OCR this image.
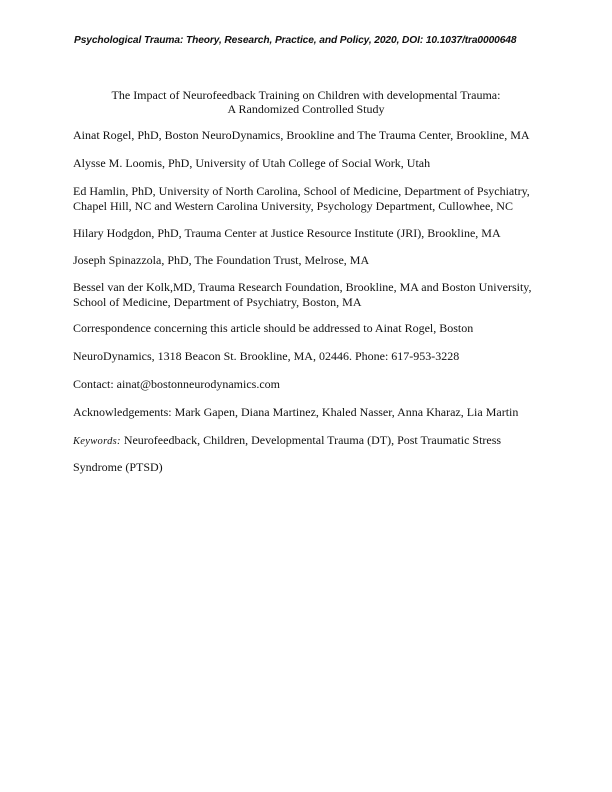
Psychological Trauma: Theory, Research, Practice, and Policy, 2020, DOI: 10.1037/tra0000648
The Impact of Neurofeedback Training on Children with developmental Trauma:
A Randomized Controlled Study
Ainat Rogel, PhD, Boston NeuroDynamics, Brookline and The Trauma Center, Brookline, MA
Alysse M. Loomis, PhD, University of Utah College of Social Work, Utah
Ed Hamlin, PhD, University of North Carolina, School of Medicine, Department of Psychiatry,
Chapel Hill, NC and Western Carolina University, Psychology Department, Cullowhee, NC
Hilary Hodgdon, PhD, Trauma Center at Justice Resource Institute (JRI), Brookline, MA
Joseph Spinazzola, PhD, The Foundation Trust, Melrose, MA
Bessel van der Kolk,MD, Trauma Research Foundation, Brookline, MA and Boston University,
School of Medicine, Department of Psychiatry, Boston, MA
Correspondence concerning this article should be addressed to Ainat Rogel, Boston
NeuroDynamics, 1318 Beacon St. Brookline, MA, 02446. Phone: 617-953-3228
Contact: ainat@bostonneurodynamics.com
Acknowledgements: Mark Gapen, Diana Martinez, Khaled Nasser, Anna Kharaz, Lia Martin
Keywords: Neurofeedback, Children, Developmental Trauma (DT), Post Traumatic Stress
Syndrome (PTSD)
